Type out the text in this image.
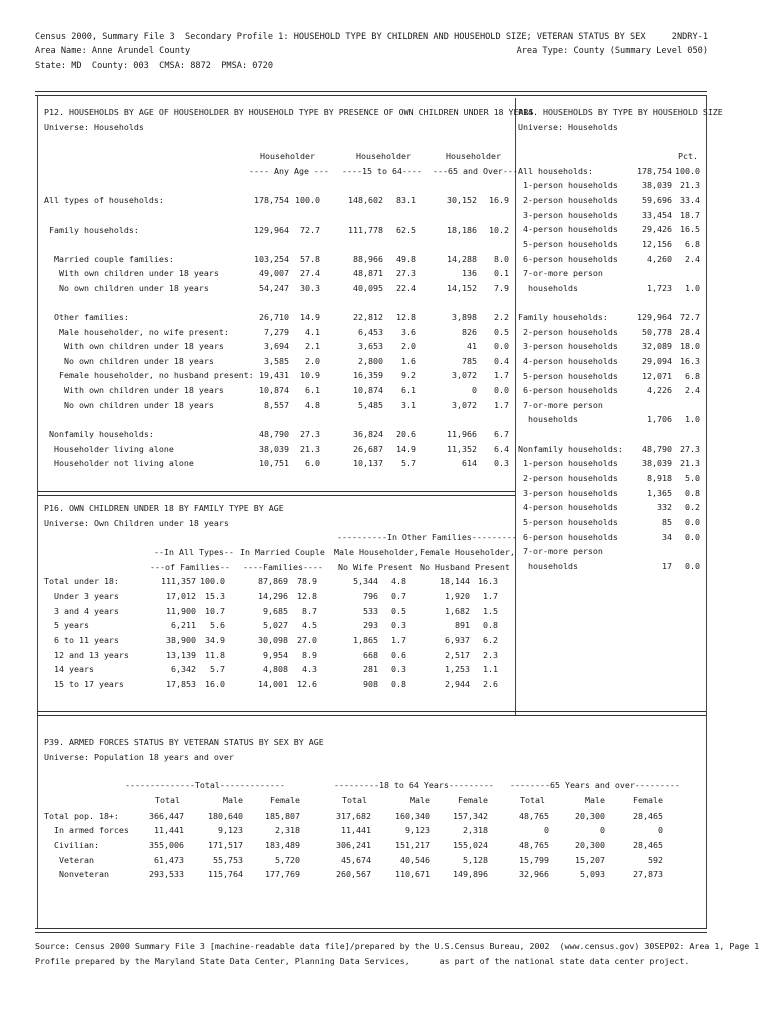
Census 2000, Summary File 3  Secondary Profile 1: HOUSEHOLD TYPE BY CHILDREN AND HOUSEHOLD SIZE; VETERAN STATUS BY SEX	2NDRY-1
Area Name: Anne Arundel County	Area Type: County (Summary Level 050)
State: MD  County: 003  CMSA: 8872  PMSA: 0720
P12. HOUSEHOLDS BY AGE OF HOUSEHOLDER BY HOUSEHOLD TYPE BY PRESENCE OF OWN CHILDREN UNDER 18 YEARS
Universe: Households
Householder
---- Any Age ---
Householder
----15 to 64----
Householder
---65 and Over---
All types of households:	178,754 100.0	148,602 83.1	30,152 16.9
Family households:	129,964 72.7	111,778 62.5	18,186 10.2
Married couple families:	103,254 57.8	88,966 49.8	14,288 8.0
With own children under 18 years	49,007 27.4	48,871 27.3	136 0.1
No own children under 18 years	54,247 30.3	40,095 22.4	14,152 7.9
Other families:	26,710 14.9	22,812 12.8	3,898 2.2
Male householder, no wife present:	7,279 4.1	6,453 3.6	826 0.5
With own children under 18 years	3,694 2.1	3,653 2.0	41 0.0
No own children under 18 years	3,585 2.0	2,800 1.6	785 0.4
Female householder, no husband present: 19,431 10.9	16,359 9.2	3,072 1.7
With own children under 18 years	10,874 6.1	10,874 6.1	0 0.0
No own children under 18 years	8,557 4.8	5,485 3.1	3,072 1.7
Nonfamily households:	48,790 27.3	36,824 20.6	11,966 6.7
Householder living alone	38,039 21.3	26,687 14.9	11,352 6.4
Householder not living alone	10,751 6.0	10,137 5.7	614 0.3
P14. HOUSEHOLDS BY TYPE BY HOUSEHOLD SIZE
Universe: Households
Pct.
All households:	178,754 100.0
1-person households	38,039 21.3
2-person households	59,696 33.4
3-person households	33,454 18.7
4-person households	29,426 16.5
5-person households	12,156 6.8
6-person households	4,260 2.4
7-or-more person
households	1,723 1.0
Family households:	129,964 72.7
2-person households	50,778 28.4
3-person households	32,089 18.0
4-person households	29,094 16.3
5-person households	12,071 6.8
6-person households	4,226 2.4
7-or-more person
households	1,706 1.0
Nonfamily households: 48,790 27.3
1-person households	38,039 21.3
2-person households	8,918 5.0
3-person households	1,365 0.8
4-person households	332 0.2
5-person households	85 0.0
6-person households	34 0.0
7-or-more person
households	17 0.0
P16. OWN CHILDREN UNDER 18 BY FAMILY TYPE BY AGE
Universe: Own Children under 18 years
----------In Other Families---------
--In All Types--
---of Families--
In Married Couple
----Families----
Male Householder,
No Wife Present
Female Householder,
No Husband Present
Total under 18:	111,357 100.0	87,869 78.9	5,344 4.8	18,144 16.3
Under 3 years	17,012 15.3	14,296 12.8	796 0.7	1,920 1.7
3 and 4 years	11,900 10.7	9,685 8.7	533 0.5	1,682 1.5
5 years	6,211 5.6	5,027 4.5	293 0.3	891 0.8
6 to 11 years	38,900 34.9	30,098 27.0	1,865 1.7	6,937 6.2
12 and 13 years	13,139 11.8	9,954 8.9	668 0.6	2,517 2.3
14 years	6,342 5.7	4,808 4.3	281 0.3	1,253 1.1
15 to 17 years	17,853 16.0	14,001 12.6	908 0.8	2,944 2.6
P39. ARMED FORCES STATUS BY VETERAN STATUS BY SEX BY AGE
Universe: Population 18 years and over
--------------Total-------------	---------18 to 64 Years--------- --------65 Years and over---------
Total	Male	Female	Total	Male	Female	Total	Male	Female
Total pop. 18+:	366,447	180,640	185,807	317,682	160,340	157,342	48,765	20,300	28,465
In armed forces	11,441	9,123	2,318	11,441	9,123	2,318	0	0	0
Civilian:	355,006	171,517	183,489	306,241	151,217	155,024	48,765	20,300	28,465
Veteran	61,473	55,753	5,720	45,674	40,546	5,128	15,799	15,207	592
Nonveteran	293,533	115,764	177,769	260,567	110,671	149,896	32,966	5,093	27,873
Source: Census 2000 Summary File 3 [machine-readable data file]/prepared by the U.S.Census Bureau, 2002  (www.census.gov) 30SEP02: Area 1, Page 1
Profile prepared by the Maryland State Data Center, Planning Data Services,      as part of the national state data center project.
